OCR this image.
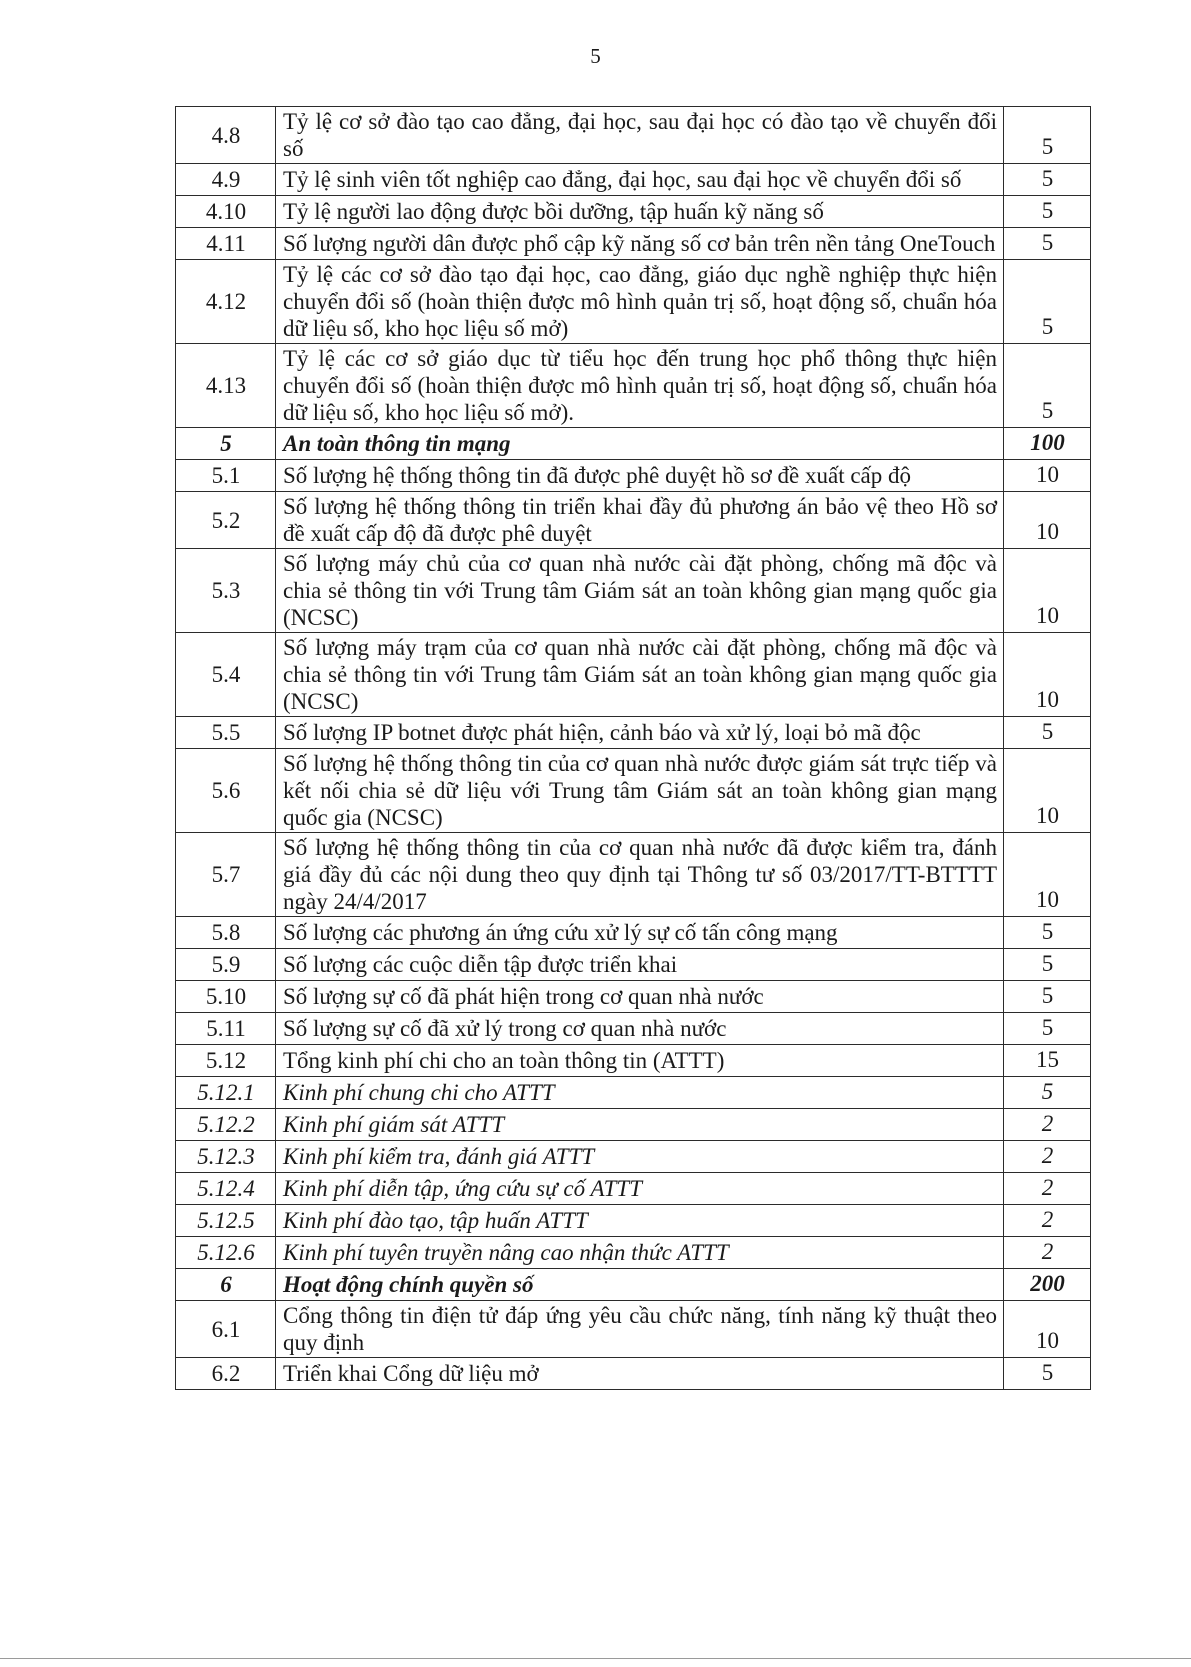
5
4.8	Tỷ lệ cơ sở đào tạo cao đẳng, đại học, sau đại học có đào tạo về chuyển đổi số	5
4.9	Tỷ lệ sinh viên tốt nghiệp cao đẳng, đại học, sau đại học về chuyển đổi số	5
4.10	Tỷ lệ người lao động được bồi dưỡng, tập huấn kỹ năng số	5
4.11	Số lượng người dân được phổ cập kỹ năng số cơ bản trên nền tảng OneTouch	5
4.12	Tỷ lệ các cơ sở đào tạo đại học, cao đẳng, giáo dục nghề nghiệp thực hiện chuyển đổi số (hoàn thiện được mô hình quản trị số, hoạt động số, chuẩn hóa dữ liệu số, kho học liệu số mở)	5
4.13	Tỷ lệ các cơ sở giáo dục từ tiểu học đến trung học phổ thông thực hiện chuyển đổi số (hoàn thiện được mô hình quản trị số, hoạt động số, chuẩn hóa dữ liệu số, kho học liệu số mở).	5
5	An toàn thông tin mạng	100
5.1	Số lượng hệ thống thông tin đã được phê duyệt hồ sơ đề xuất cấp độ	10
5.2	Số lượng hệ thống thông tin triển khai đầy đủ phương án bảo vệ theo Hồ sơ đề xuất cấp độ đã được phê duyệt	10
5.3	Số lượng máy chủ của cơ quan nhà nước cài đặt phòng, chống mã độc và chia sẻ thông tin với Trung tâm Giám sát an toàn không gian mạng quốc gia (NCSC)	10
5.4	Số lượng máy trạm của cơ quan nhà nước cài đặt phòng, chống mã độc và chia sẻ thông tin với Trung tâm Giám sát an toàn không gian mạng quốc gia (NCSC)	10
5.5	Số lượng IP botnet được phát hiện, cảnh báo và xử lý, loại bỏ mã độc	5
5.6	Số lượng hệ thống thông tin của cơ quan nhà nước được giám sát trực tiếp và kết nối chia sẻ dữ liệu với Trung tâm Giám sát an toàn không gian mạng quốc gia (NCSC)	10
5.7	Số lượng hệ thống thông tin của cơ quan nhà nước đã được kiểm tra, đánh giá đầy đủ các nội dung theo quy định tại Thông tư số 03/2017/TT-BTTTT ngày 24/4/2017	10
5.8	Số lượng các phương án ứng cứu xử lý sự cố tấn công mạng	5
5.9	Số lượng các cuộc diễn tập được triển khai	5
5.10	Số lượng sự cố đã phát hiện trong cơ quan nhà nước	5
5.11	Số lượng sự cố đã xử lý trong cơ quan nhà nước	5
5.12	Tổng kinh phí chi cho an toàn thông tin (ATTT)	15
5.12.1	Kinh phí chung chi cho ATTT	5
5.12.2	Kinh phí giám sát ATTT	2
5.12.3	Kinh phí kiểm tra, đánh giá ATTT	2
5.12.4	Kinh phí diễn tập, ứng cứu sự cố ATTT	2
5.12.5	Kinh phí đào tạo, tập huấn ATTT	2
5.12.6	Kinh phí tuyên truyền nâng cao nhận thức ATTT	2
6	Hoạt động chính quyền số	200
6.1	Cổng thông tin điện tử đáp ứng yêu cầu chức năng, tính năng kỹ thuật theo quy định	10
6.2	Triển khai Cổng dữ liệu mở	5
